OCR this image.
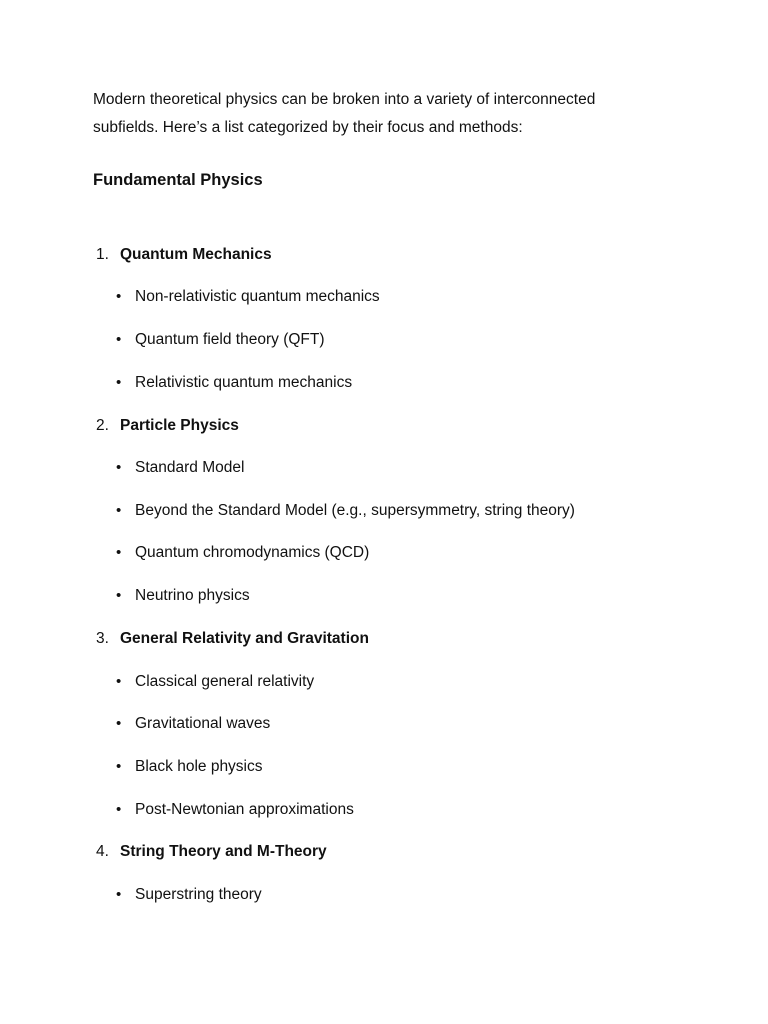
Modern theoretical physics can be broken into a variety of interconnected
subfields. Here’s a list categorized by their focus and methods:

Fundamental Physics
1. Quantum Mechanics
• Non-relativistic quantum mechanics
• Quantum field theory (QFT)
• Relativistic quantum mechanics
2. Particle Physics
• Standard Model
• Beyond the Standard Model (e.g., supersymmetry, string theory)
• Quantum chromodynamics (QCD)
• Neutrino physics
3. General Relativity and Gravitation
• Classical general relativity
• Gravitational waves
• Black hole physics
• Post-Newtonian approximations
4. String Theory and M-Theory
• Superstring theory
